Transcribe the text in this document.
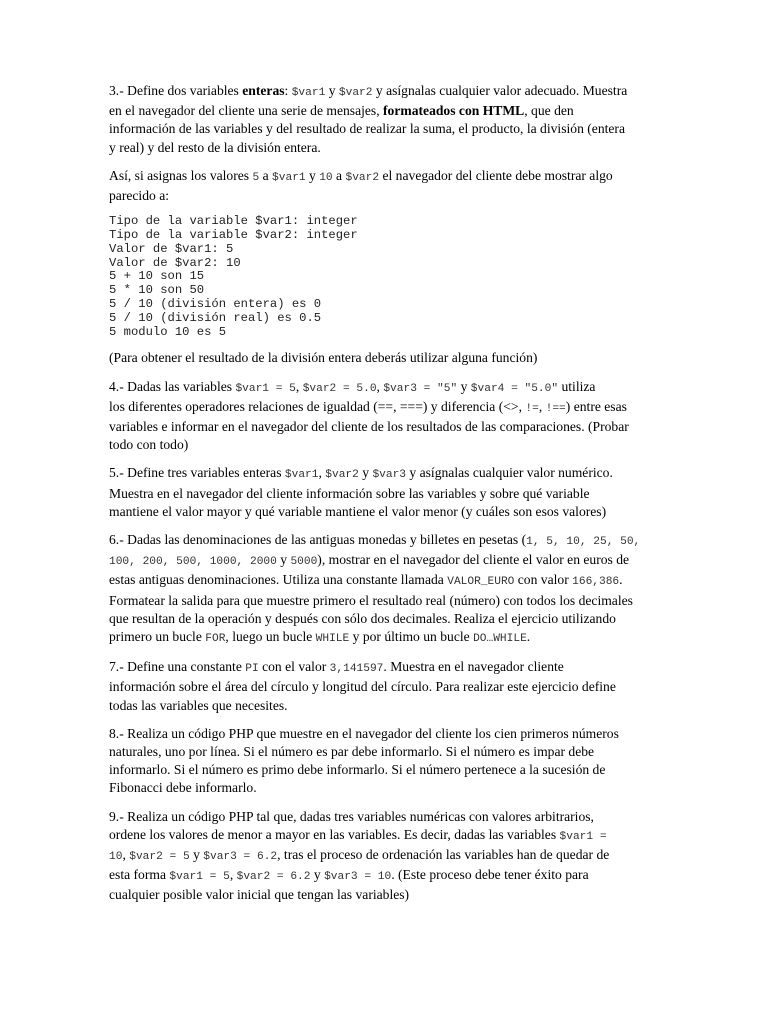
3.- Define dos variables enteras: $var1 y $var2 y asígnalas cualquier valor adecuado. Muestra
en el navegador del cliente una serie de mensajes, formateados con HTML, que den
información de las variables y del resultado de realizar la suma, el producto, la división (entera
y real) y del resto de la división entera.

Así, si asignas los valores 5 a $var1 y 10 a $var2 el navegador del cliente debe mostrar algo
parecido a:

Tipo de la variable $var1: integer
Tipo de la variable $var2: integer
Valor de $var1: 5
Valor de $var2: 10
5 + 10 son 15
5 * 10 son 50
5 / 10 (división entera) es 0
5 / 10 (división real) es 0.5
5 modulo 10 es 5

(Para obtener el resultado de la división entera deberás utilizar alguna función)

4.- Dadas las variables $var1 = 5, $var2 = 5.0, $var3 = "5" y $var4 = "5.0" utiliza
los diferentes operadores relaciones de igualdad (==, ===) y diferencia (<>, !=, !==) entre esas
variables e informar en el navegador del cliente de los resultados de las comparaciones. (Probar
todo con todo)

5.- Define tres variables enteras $var1, $var2 y $var3 y asígnalas cualquier valor numérico.
Muestra en el navegador del cliente información sobre las variables y sobre qué variable
mantiene el valor mayor y qué variable mantiene el valor menor (y cuáles son esos valores)

6.- Dadas las denominaciones de las antiguas monedas y billetes en pesetas (1, 5, 10, 25, 50,
100, 200, 500, 1000, 2000 y 5000), mostrar en el navegador del cliente el valor en euros de
estas antiguas denominaciones. Utiliza una constante llamada VALOR_EURO con valor 166,386.
Formatear la salida para que muestre primero el resultado real (número) con todos los decimales
que resultan de la operación y después con sólo dos decimales. Realiza el ejercicio utilizando
primero un bucle FOR, luego un bucle WHILE y por último un bucle DO…WHILE.

7.- Define una constante PI con el valor 3,141597. Muestra en el navegador cliente
información sobre el área del círculo y longitud del círculo. Para realizar este ejercicio define
todas las variables que necesites.

8.- Realiza un código PHP que muestre en el navegador del cliente los cien primeros números
naturales, uno por línea. Si el número es par debe informarlo. Si el número es impar debe
informarlo. Si el número es primo debe informarlo. Si el número pertenece a la sucesión de
Fibonacci debe informarlo.

9.- Realiza un código PHP tal que, dadas tres variables numéricas con valores arbitrarios,
ordene los valores de menor a mayor en las variables. Es decir, dadas las variables $var1 =
10, $var2 = 5 y $var3 = 6.2, tras el proceso de ordenación las variables han de quedar de
esta forma $var1 = 5, $var2 = 6.2 y $var3 = 10. (Este proceso debe tener éxito para
cualquier posible valor inicial que tengan las variables)
